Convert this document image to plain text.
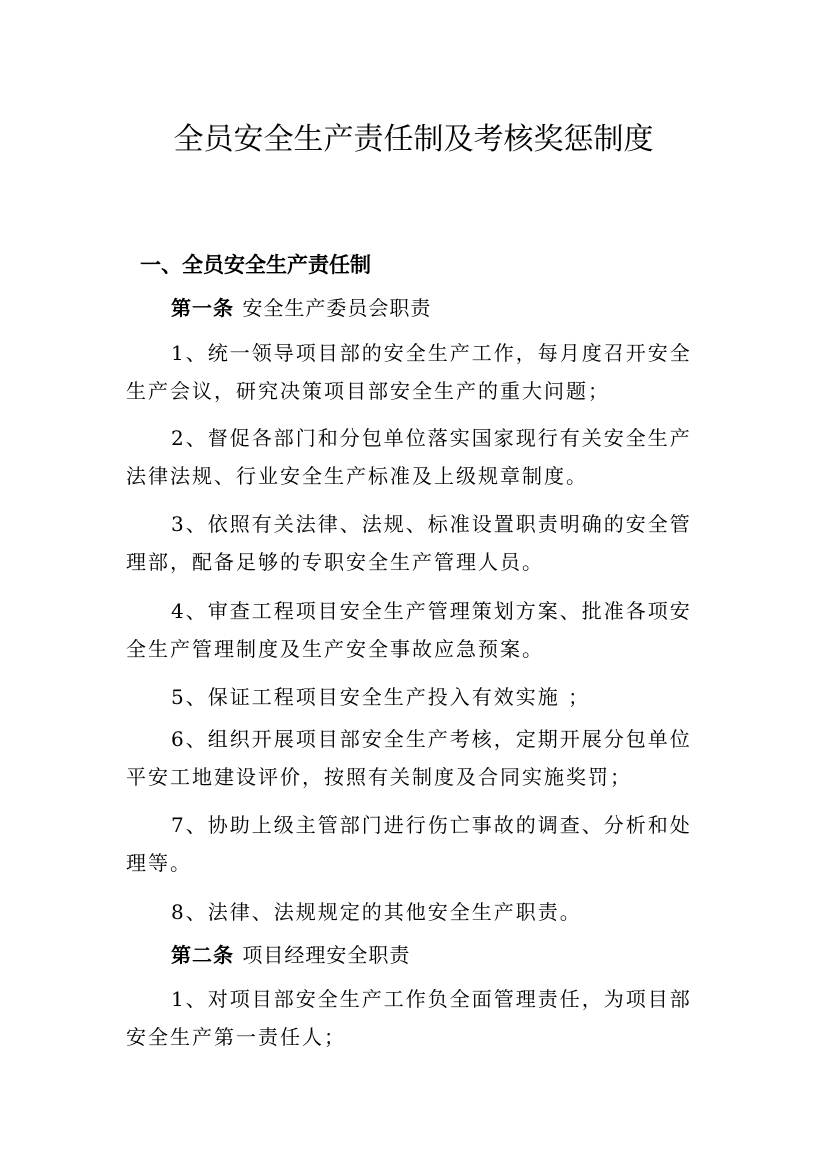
全员安全生产责任制及考核奖惩制度
一、全员安全生产责任制

第一条 安全生产委员会职责

1、统一领导项目部的安全生产工作，每月度召开安全
生产会议，研究决策项目部安全生产的重大问题；

2、督促各部门和分包单位落实国家现行有关安全生产
法律法规、行业安全生产标准及上级规章制度。

3、依照有关法律、法规、标准设置职责明确的安全管
理部，配备足够的专职安全生产管理人员。

4、审查工程项目安全生产管理策划方案、批准各项安
全生产管理制度及生产安全事故应急预案。

5、保证工程项目安全生产投入有效实施 ；

6、组织开展项目部安全生产考核，定期开展分包单位
平安工地建设评价，按照有关制度及合同实施奖罚；

7、协助上级主管部门进行伤亡事故的调查、分析和处
理等。

8、法律、法规规定的其他安全生产职责。

第二条 项目经理安全职责

1、对项目部安全生产工作负全面管理责任，为项目部
安全生产第一责任人；
